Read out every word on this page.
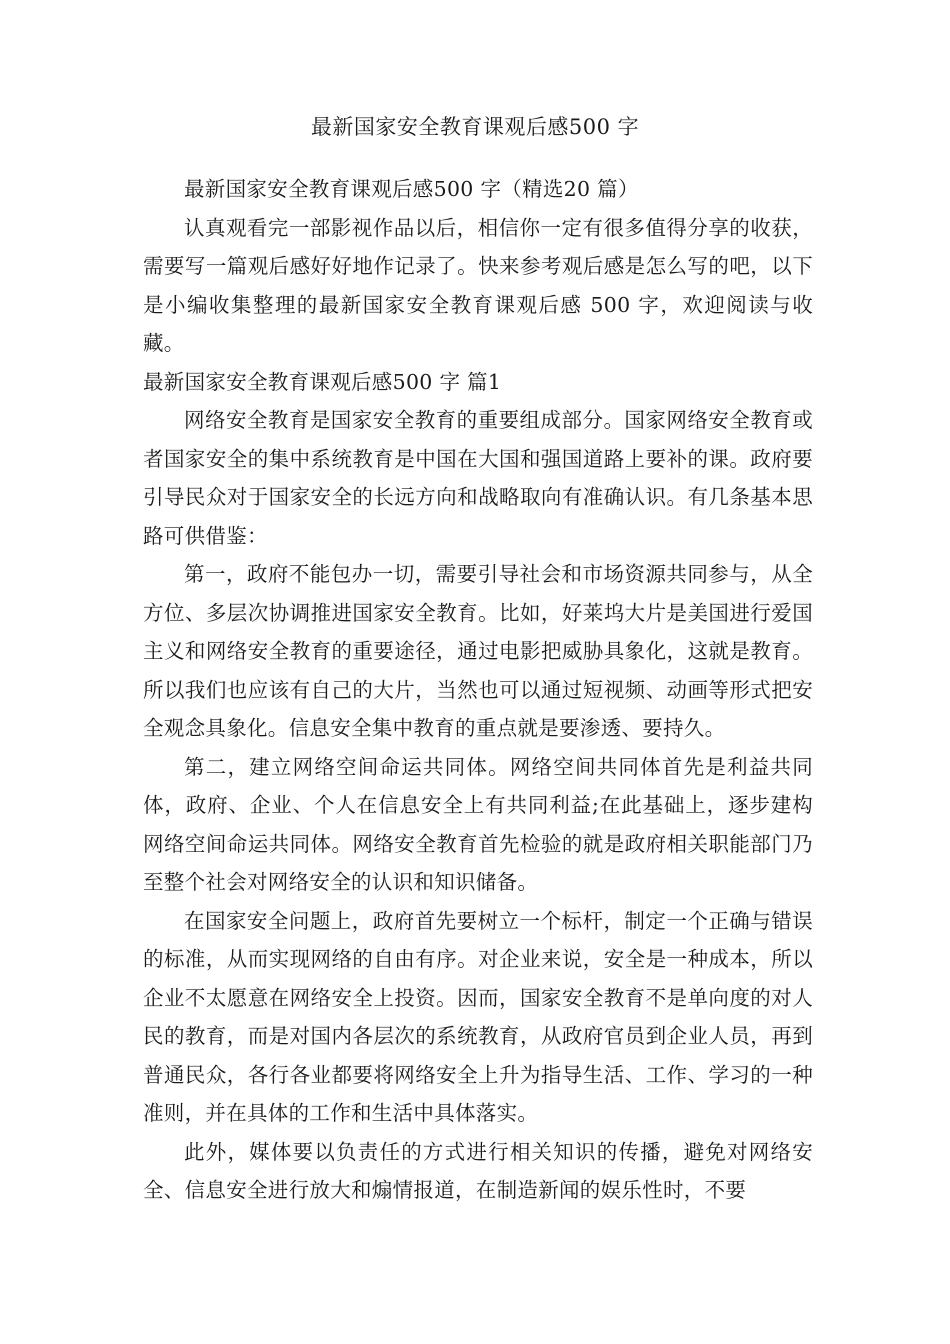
最新国家安全教育课观后感500 字

最新国家安全教育课观后感500 字（精选20 篇）

认真观看完一部影视作品以后，相信你一定有很多值得分享的收获，需要写一篇观后感好好地作记录了。快来参考观后感是怎么写的吧，以下是小编收集整理的最新国家安全教育课观后感 500 字，欢迎阅读与收藏。

最新国家安全教育课观后感500 字 篇1

网络安全教育是国家安全教育的重要组成部分。国家网络安全教育或者国家安全的集中系统教育是中国在大国和强国道路上要补的课。政府要引导民众对于国家安全的长远方向和战略取向有准确认识。有几条基本思路可供借鉴：

第一，政府不能包办一切，需要引导社会和市场资源共同参与，从全方位、多层次协调推进国家安全教育。比如，好莱坞大片是美国进行爱国主义和网络安全教育的重要途径，通过电影把威胁具象化，这就是教育。所以我们也应该有自己的大片，当然也可以通过短视频、动画等形式把安全观念具象化。信息安全集中教育的重点就是要渗透、要持久。

第二，建立网络空间命运共同体。网络空间共同体首先是利益共同体，政府、企业、个人在信息安全上有共同利益;在此基础上，逐步建构网络空间命运共同体。网络安全教育首先检验的就是政府相关职能部门乃至整个社会对网络安全的认识和知识储备。

在国家安全问题上，政府首先要树立一个标杆，制定一个正确与错误的标准，从而实现网络的自由有序。对企业来说，安全是一种成本，所以企业不太愿意在网络安全上投资。因而，国家安全教育不是单向度的对人民的教育，而是对国内各层次的系统教育，从政府官员到企业人员，再到普通民众，各行各业都要将网络安全上升为指导生活、工作、学习的一种准则，并在具体的工作和生活中具体落实。

此外，媒体要以负责任的方式进行相关知识的传播，避免对网络安全、信息安全进行放大和煽情报道，在制造新闻的娱乐性时，不要
